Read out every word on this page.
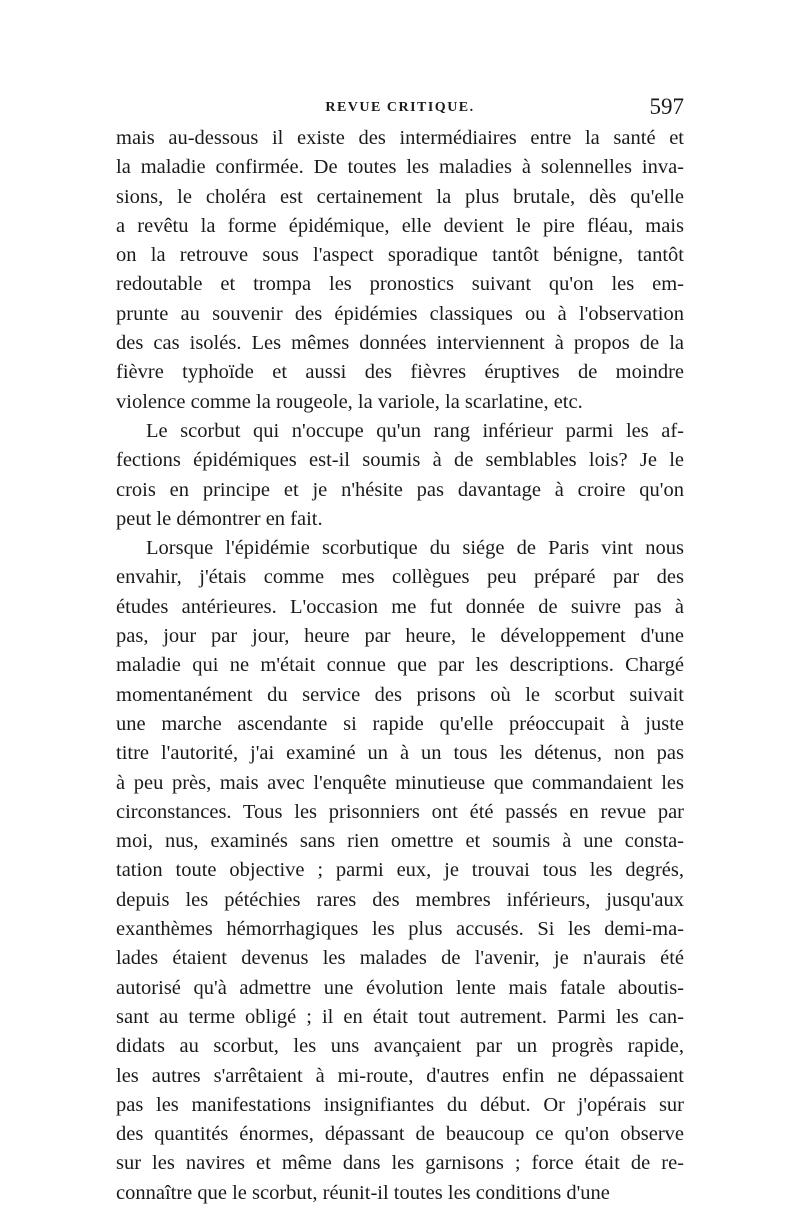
REVUE CRITIQUE.	597

mais au-dessous il existe des intermédiaires entre la santé et
la maladie confirmée. De toutes les maladies à solennelles inva-
sions, le choléra est certainement la plus brutale, dès qu'elle
a revêtu la forme épidémique, elle devient le pire fléau, mais
on la retrouve sous l'aspect sporadique tantôt bénigne, tantôt
redoutable et trompa les pronostics suivant qu'on les em-
prunte au souvenir des épidémies classiques ou à l'observation
des cas isolés. Les mêmes données interviennent à propos de la
fièvre typhoïde et aussi des fièvres éruptives de moindre
violence comme la rougeole, la variole, la scarlatine, etc.

Le scorbut qui n'occupe qu'un rang inférieur parmi les af-
fections épidémiques est-il soumis à de semblables lois? Je le
crois en principe et je n'hésite pas davantage à croire qu'on
peut le démontrer en fait.

Lorsque l'épidémie scorbutique du siége de Paris vint nous
envahir, j'étais comme mes collègues peu préparé par des
études antérieures. L'occasion me fut donnée de suivre pas à
pas, jour par jour, heure par heure, le développement d'une
maladie qui ne m'était connue que par les descriptions. Chargé
momentanément du service des prisons où le scorbut suivait
une marche ascendante si rapide qu'elle préoccupait à juste
titre l'autorité, j'ai examiné un à un tous les détenus, non pas
à peu près, mais avec l'enquête minutieuse que commandaient les
circonstances. Tous les prisonniers ont été passés en revue par
moi, nus, examinés sans rien omettre et soumis à une consta-
tation toute objective ; parmi eux, je trouvai tous les degrés,
depuis les pétéchies rares des membres inférieurs, jusqu'aux
exanthèmes hémorrhagiques les plus accusés. Si les demi-ma-
lades étaient devenus les malades de l'avenir, je n'aurais été
autorisé qu'à admettre une évolution lente mais fatale aboutis-
sant au terme obligé ; il en était tout autrement. Parmi les can-
didats au scorbut, les uns avançaient par un progrès rapide,
les autres s'arrêtaient à mi-route, d'autres enfin ne dépassaient
pas les manifestations insignifiantes du début. Or j'opérais sur
des quantités énormes, dépassant de beaucoup ce qu'on observe
sur les navires et même dans les garnisons ; force était de re-
connaître que le scorbut, réunit-il toutes les conditions d'une
